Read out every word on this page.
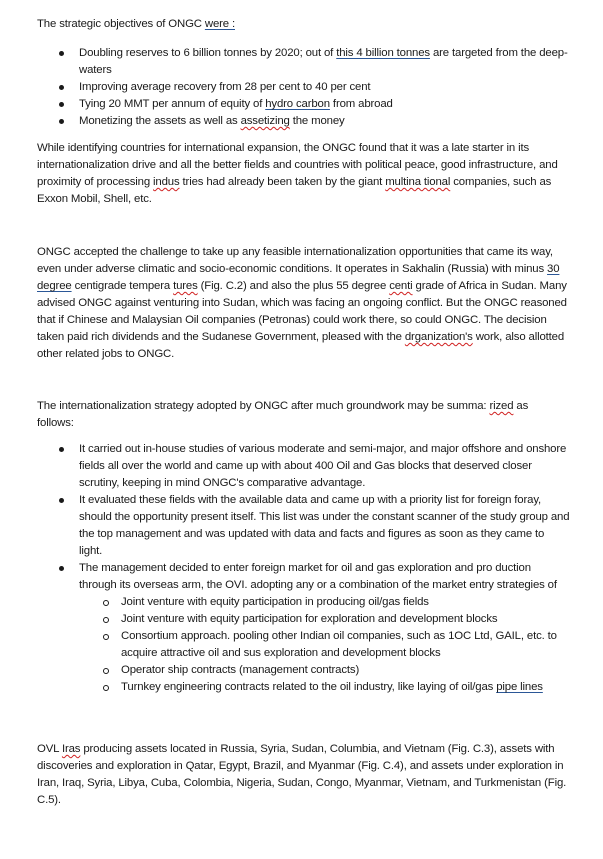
The strategic objectives of ONGC were :

Doubling reserves to 6 billion tonnes by 2020; out of this 4 billion tonnes are targeted from the deep-waters
Improving average recovery from 28 per cent to 40 per cent
Tying 20 MMT per annum of equity of hydro carbon from abroad
Monetizing the assets as well as assetizing the money

While identifying countries for international expansion, the ONGC found that it was a late starter in its internationalization drive and all the better fields and countries with political peace, good infrastructure, and proximity of processing indus tries had already been taken by the giant multina tional companies, such as Exxon Mobil, Shell, etc.

ONGC accepted the challenge to take up any feasible internationalization opportunities that came its way, even under adverse climatic and socio-economic conditions. It operates in Sakhalin (Russia) with minus 30 degree centigrade tempera tures (Fig. C.2) and also the plus 55 degree centi grade of Africa in Sudan. Many advised ONGC against venturing into Sudan, which was facing an ongoing conflict. But the ONGC reasoned that if Chinese and Malaysian Oil companies (Petronas) could work there, so could ONGC. The decision taken paid rich dividends and the Sudanese Government, pleased with the drganization's work, also allotted other related jobs to ONGC.

The internationalization strategy adopted by ONGC after much groundwork may be summa: rized as follows:

It carried out in-house studies of various moderate and semi-major, and major offshore and onshore fields all over the world and came up with about 400 Oil and Gas blocks that deserved closer scrutiny, keeping in mind ONGC's comparative advantage.
It evaluated these fields with the available data and came up with a priority list for foreign foray, should the opportunity present itself. This list was under the constant scanner of the study group and the top management and was updated with data and facts and figures as soon as they came to light.
The management decided to enter foreign market for oil and gas exploration and pro duction through its overseas arm, the OVI. adopting any or a combination of the market entry strategies of
Joint venture with equity participation in producing oil/gas fields
Joint venture with equity participation for exploration and development blocks
Consortium approach. pooling other Indian oil companies, such as 1OC Ltd, GAIL, etc. to acquire attractive oil and sus exploration and development blocks
Operator ship contracts (management contracts)
Turnkey engineering contracts related to the oil industry, like laying of oil/gas pipe lines

OVL Iras producing assets located in Russia, Syria, Sudan, Columbia, and Vietnam (Fig. C.3), assets with discoveries and exploration in Qatar, Egypt, Brazil, and Myanmar (Fig. C.4), and assets under exploration in Iran, Iraq, Syria, Libya, Cuba, Colombia, Nigeria, Sudan, Congo, Myanmar, Vietnam, and Turkmenistan (Fig. C.5).
